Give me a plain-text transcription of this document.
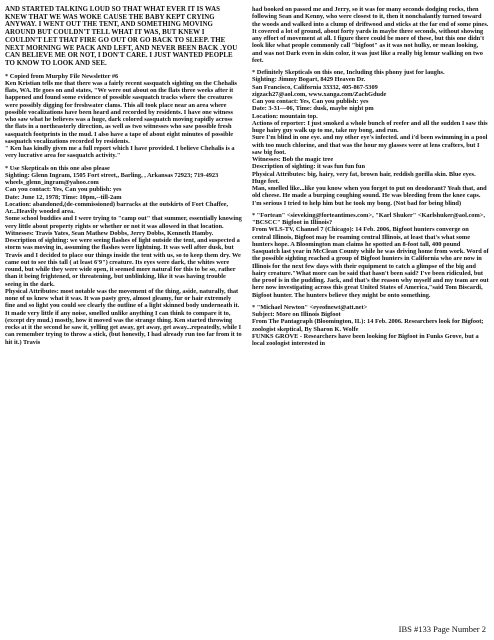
AND STARTED TALKING LOUD SO THAT WHAT EVER IT IS WAS KNEW THAT WE WAS WOKE CAUSE THE BABY KEPT CRYING ANYWAY. I WENT OUT THE TENT, AND SOMETHING MOVING AROUND BUT COULDN'T TELL WHAT IT WAS, BUT KNEW I COULDN'T LET THAT FIRE GO OUT OR GO BACK TO SLEEP. THE NEXT MORNING WE PACK AND LEFT, AND NEVER BEEN BACK .YOU CAN BELIEVE ME OR NOT, I DON'T CARE. I JUST WANTED PEOPLE TO KNOW TO LOOK AND SEE.
* Copied from Murphy File Newsletter #6
Ken Kristian tells me that there was a fairly recent sasquatch sighting on the Chehalis flats, WA. He goes on and states, "We were out about on the flats three weeks after it happened and found some evidence of possible sasquatch tracks where the creatures were possibly digging for freshwater clams. This all took place near an area where possible vocalizations have been heard and recorded by residents. I have one witness who saw what he believes was a huge, dark colored sasquatch moving rapidly across the flats in a northeasterly direction, as well as two witnesses who saw possible fresh sasquatch footprints in the mud. I also have a tape of about eight minutes of possible sasquatch vocalizations recorded by residents.
" Ken has kindly given me a full report which I have provided. I believe Chehalis is a very lucrative area for sasquatch activity."
* Use Skepticals on this one also please
Sighting: Glenn Ingram, 1505 Fort street,, Barling, , Arkansas 72923; 719-4923
wheels_glenn_ingram@yahoo.com
Can you contact: Yes, Can you publish: yes
Date: June 12, 1978; Time: 10pm,--till-2am
Location: abandoned,(de-commissioned) barracks at the outskirts of Fort Chaffee, Ar...Heavily wooded area.
Some school buddies and I were trying to "camp out" that summer, essentially knowing very little about property rights or whether or not it was allowed in that location.
Witnesses: Travis Yates, Sean Mathew Dobbs, Jerry Dobbs, Kenneth Hamby.
Description of sighting: we were seeing flashes of light outside the tent, and suspected a storm was moving in, assuming the flashes were lightning. It was well after dusk, but Travis and I decided to place our things inside the tent with us, so to keep them dry. We came out to see this tall ( at least 6'9") creature. Its eyes were dark, the whites were round, but while they were wide open, it seemed more natural for this to be so, rather than it being frightened, or threatening, but unblinking, like it was having trouble seeing in the dark.
Physical Attributes: most notable was the movement of the thing, aside, naturally, that none of us knew what it was. It was pasty grey, almost gleamy, fur or hair extremely fine and so light you could see clearly the outline of a light skinned body underneath it. It made very little if any noise, smelled unlike anything I can think to compare it to, (except dry mud.) mostly, how it moved was the strange thing. Ken started throwing rocks at it the second he saw it, yelling get away, get away, get away...repeatedly, while I can remember trying to throw a stick, (but honestly, I had already run too far from it to hit it.) Travis
had booked on passed me and Jerry, so it was for many seconds dodging rocks, then following Sean and Kenny, who were closest to it, then it nonchalantly turned toward the woods and walked into a clump of driftwood and sticks at the far end of some pines. It covered a lot of ground, about forty yards in maybe three seconds, without showing any effort of movement at all. I figure there could be more of these, but this one didn't look like what people commonly call "bigfoot" as it was not hulky, or mean looking, and was not Dark even in skin color, it was just like a really big lemur walking on two feet.
* Definitely Skepticals on this one, Including this phony just for laughs.
Sighting: Jimmy Bogart, 8429 Heaven Dr.
San Francisco, California 33332, 405-867-5309
zigzach27@aol.com, www.xanga.com/ZachGdude
Can you contact: Yes, Can you publish: yes
Date: 3-31—06, Time: dusk, maybe night pm
Location: mountain top.
Actions of reporter: I just smoked a whole bunch of reefer and all the sudden I saw this huge hairy guy walk up to me, take my bong, and run.
Sure I'm blind in one eye. and my other eye's infected. and i'd been swimming in a pool with too much chlorine, and that was the hour my glasses were at lens crafters, but I saw big foot.
Witnesses: Bob the magic tree
Description of sighting: it was fun fun fun
Physical Attributes: big, hairy, very fat, brown hair, reddish gorilla skin. Blue eyes. Huge feet.
Man, smelled like...like you know when you forget to put on deodorant? Yeah that, and old cheese. He made a burping coughing sound. He was bleeding from the knee caps. I'm serious I tried to help him but he took my bong. (Not bad for being blind)
* "Fortean" <sieveking@forteantimes.com>, "Karl Shuker" <Karlshuker@aol.com>, "BCSCC" Bigfoot in Illinois?
From WLS-TV, Channel 7 (Chicago): 14 Feb. 2006, Bigfoot hunters converge on central Illinois, Bigfoot may be roaming central Illinois, at least that's what some hunters hope. A Bloomington man claims he spotted an 8-foot tall, 400 pound Sasquatch last year in McClean County while he was driving home from work. Word of the possible sighting reached a group of Bigfoot hunters in California who are now in Illinois for the next few days with their equipment to catch a glimpse of the big and hairy creature."What more can be said that hasn't been said? I've been ridiculed, but the proof is in the pudding. Jack, and that's the reason why myself and my team are out here now investigating across this great United States of America,"said Tom Biscardi, Bigfoot hunter. The hunters believe they might be onto something.
* "Michael Newton" <eyeofnewt@att.net>
Subject: More on Illinois Bigfoot
From The Pantagraph (Bloomington, IL): 14 Feb. 2006. Researchers look for Bigfoot; zoologist skeptical, By Sharon K. Wolfe
FUNKS GROVE - Researchers have been looking for Bigfoot in Funks Grove, but a local zoologist interested in
IBS #133 Page Number 2
